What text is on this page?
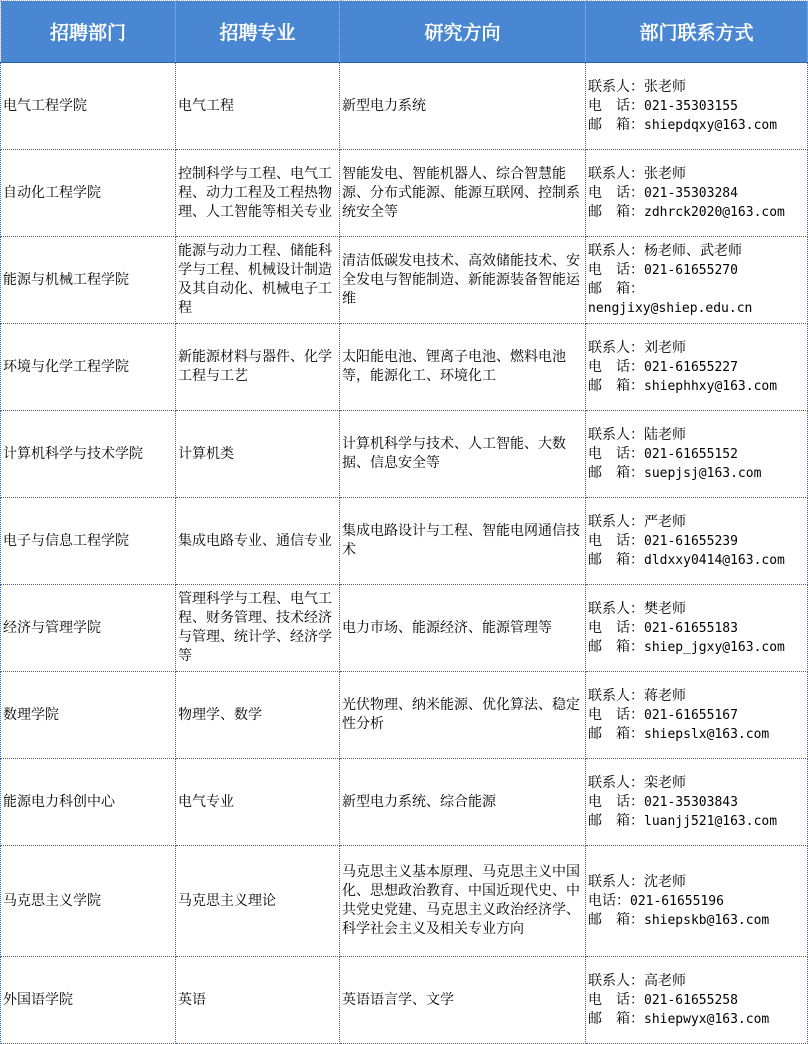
招聘部门	招聘专业	研究方向	部门联系方式
电气工程学院	电气工程	新型电力系统	联系人：张老师
电　话：021-35303155
邮　箱：shiepdqxy@163.com

自动化工程学院	控制科学与工程、电气工程、动力工程及工程热物理、人工智能等相关专业	智能发电、智能机器人、综合智慧能源、分布式能源、能源互联网、控制系统安全等	联系人：张老师
电　话：021-35303284
邮　箱：zdhrck2020@163.com

能源与机械工程学院	能源与动力工程、储能科学与工程、机械设计制造及其自动化、机械电子工程	清洁低碳发电技术、高效储能技术、安全发电与智能制造、新能源装备智能运维	联系人：杨老师、武老师
电　话：021-61655270
邮　箱：
nengjixy@shiep.edu.cn

环境与化学工程学院	新能源材料与器件、化学工程与工艺	太阳能电池、锂离子电池、燃料电池等，能源化工、环境化工	联系人：刘老师
电　话：021-61655227
邮　箱：shiephhxy@163.com

计算机科学与技术学院	计算机类	计算机科学与技术、人工智能、大数据、信息安全等	联系人：陆老师
电　话：021-61655152
邮　箱：suepjsj@163.com

电子与信息工程学院	集成电路专业、通信专业	集成电路设计与工程、智能电网通信技术	联系人：严老师
电　话：021-61655239
邮　箱：dldxxy0414@163.com

经济与管理学院	管理科学与工程、电气工程、财务管理、技术经济与管理、统计学、经济学等	电力市场、能源经济、能源管理等	联系人：樊老师
电　话：021-61655183
邮　箱：shiep_jgxy@163.com

数理学院	物理学、数学	光伏物理、纳米能源、优化算法、稳定性分析	联系人：蒋老师
电　话：021-61655167
邮　箱：shiepslx@163.com

能源电力科创中心	电气专业	新型电力系统、综合能源	联系人：栾老师
电　话：021-35303843
邮　箱：luanjj521@163.com

马克思主义学院	马克思主义理论	马克思主义基本原理、马克思主义中国化、思想政治教育、中国近现代史、中共党史党建、马克思主义政治经济学、科学社会主义及相关专业方向	联系人：沈老师
电话：021-61655196
邮　箱：shiepskb@163.com

外国语学院	英语	英语语言学、文学	联系人：高老师
电　话：021-61655258
邮　箱：shiepwyx@163.com
